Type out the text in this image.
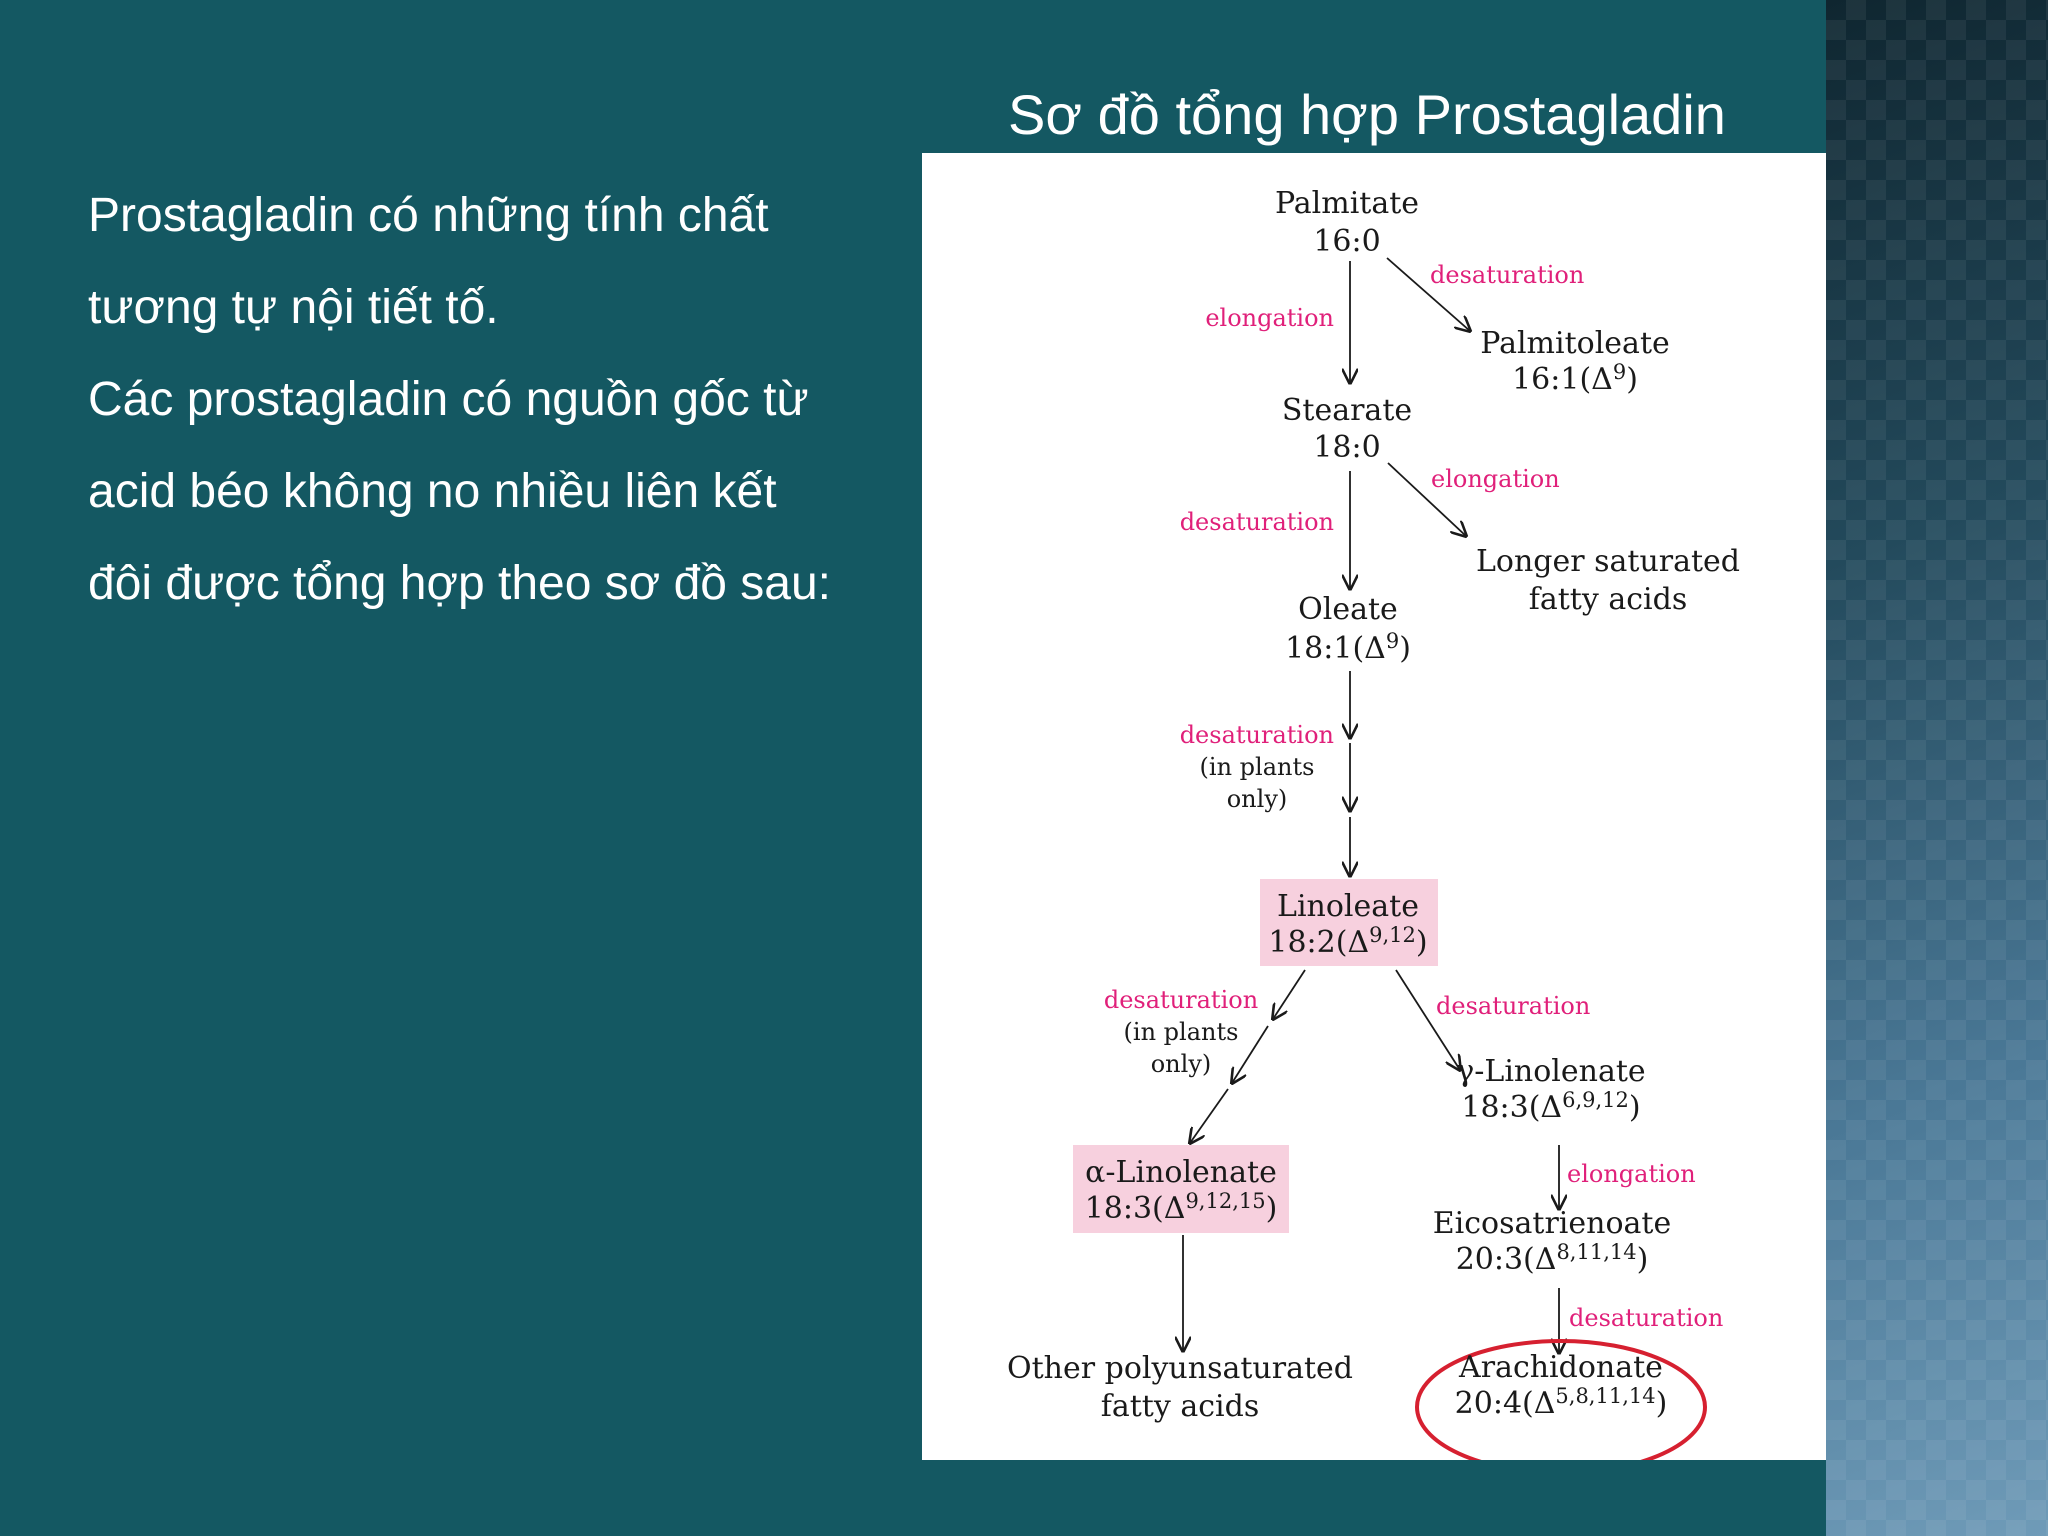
Sơ đồ tổng hợp Prostagladin
Prostagladin có những tính chất
tương tự nội tiết tố.
Các prostagladin có nguồn gốc từ
acid béo không no nhiều liên kết
đôi được tổng hợp theo sơ đồ sau:
Palmitate
16:0
Palmitoleate
$16:1(\Delta^9)$
Stearate
18:0
Longer saturated
fatty acids
Oleate
$18:1(\Delta^9)$
Linoleate
$18:2(\Delta^{9,12})$
α-Linolenate
$18:3(\Delta^{9,12,15})$
γ-Linolenate
$18:3(\Delta^{6,9,12})$
Eicosatrienoate
$20:3(\Delta^{8,11,14})$
Other polyunsaturated
fatty acids
Arachidonate
$20:4(\Delta^{5,8,11,14})$
desaturation
elongation
elongation
desaturation
desaturation
(in plants
only)
desaturation
(in plants
only)
desaturation
elongation
desaturation
